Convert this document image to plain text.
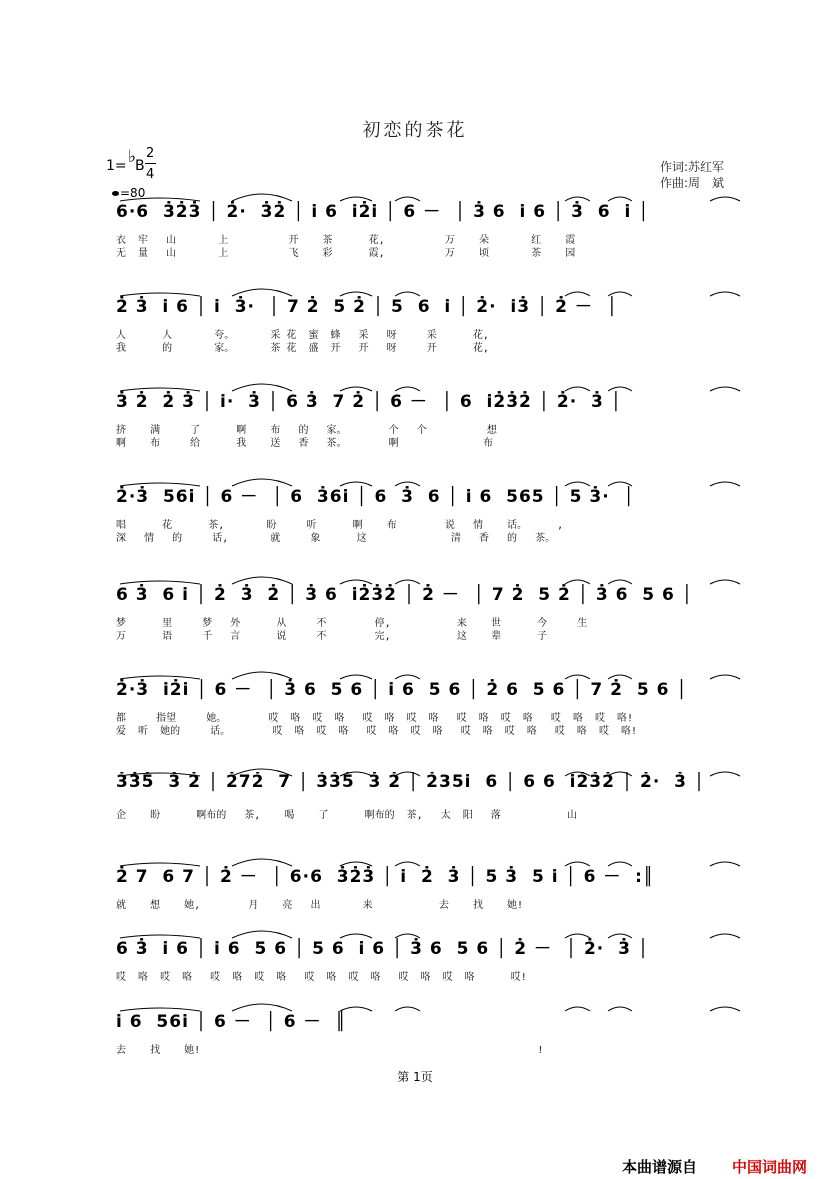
初恋的茶花
1= ♭
B
2
4
=80
作词:苏红军
作曲:周　斌
6·6  3̇2̇3̇ │ 2̇·  3̇2̇ │ i̇ 6  i̇2̇i̇ │ 6 －  │ 3̇ 6  i̇ 6 │ 3̇  6  i̇ │
衣  牢   山       上          开    茶      花,          万    朵       红    霞
无  量   山       上          飞    彩      霞,          万    顷       茶    园
2̇ 3̇  i̇ 6 │ i̇  3̇·  │ 7 2̇  5 2̇ │ 5  6  i̇ │ 2̇·  i̇3̇ │ 2̇ －  │
人      人       夸。      采 花  蜜  蜂   采   呀     采      花,
我      的       家。      茶 花  盛  开   开   呀     开      花,
3̇ 2̇  2̇ 3̇ │ i̇·  3̇ │ 6 3̇  7 2̇ │ 6 －  │ 6  i̇2̇3̇2̇ │ 2̇·  3̇ │
挤    满     了      啊    布   的   家。       个   个          想
啊    布     给      我    送   香   茶。       啊              布
2̇·3̇  56i̇ │ 6 －  │ 6  3̇6i̇ │ 6  3̇  6 │ i̇ 6  565 │ 5 3̇·  │
唱      花      茶,       盼     听      啊    布        说   情    话。     ,
深   情   的     话,       就     象      这              清   香   的   茶。
6 3̇  6 i̇ │ 2̇  3̇  2̇ │ 3̇ 6  i̇2̇3̇2̇ │ 2̇ －  │ 7 2̇  5 2̇ │ 3̇ 6  5 6 │
梦      里     梦   外      从     不        停,           来    世      今     生
万      语     千   言      说     不        完,           这    辈      子
2̇·3̇  i̇2̇i̇ │ 6 －  │ 3̇ 6  5 6 │ i̇ 6  5 6 │ 2̇ 6  5 6 │ 7 2̇  5 6 │
都     指望     她。       哎  咯  哎  咯   哎  咯  哎  咯   哎  咯  哎  咯   哎  咯  哎  咯!
爱  听  她的     话。       哎  咯  哎  咯   哎  咯  哎  咯   哎  咯  哎  咯   哎  咯  哎  咯!
3̇3̇5̇  3̇ 2̇ │ 2̇72̇  7 │ 3̇3̇5̇  3̇ 2̇ │ 2̇35i̇  6 │ 6 6  i̇2̇3̇2̇ │ 2̇·  3̇ │
企    盼      啊布的   茶,    喝    了      啊布的  茶,   太  阳   落           山
2̇ 7  6 7 │ 2̇ －  │ 6·6  3̇2̇3̇ │ i̇  2̇  3̇ │ 5 3̇  5 i̇ │ 6 －  :║
就    想    她,        月    亮   出       来           去    找    她!
6 3̇  i̇ 6 │ i̇ 6  5 6 │ 5 6  i̇ 6 │ 3̇ 6  5 6 │ 2̇ －  │ 2̇·  3̇ │
哎  咯  哎  咯   哎  咯  哎  咯   哎  咯  哎  咯   哎  咯  哎  咯      哎!
i̇ 6  56i̇ │ 6 －  │ 6 －  ║
去    找    她!                                                        !
第 1页
本曲谱源自 中国词曲网
